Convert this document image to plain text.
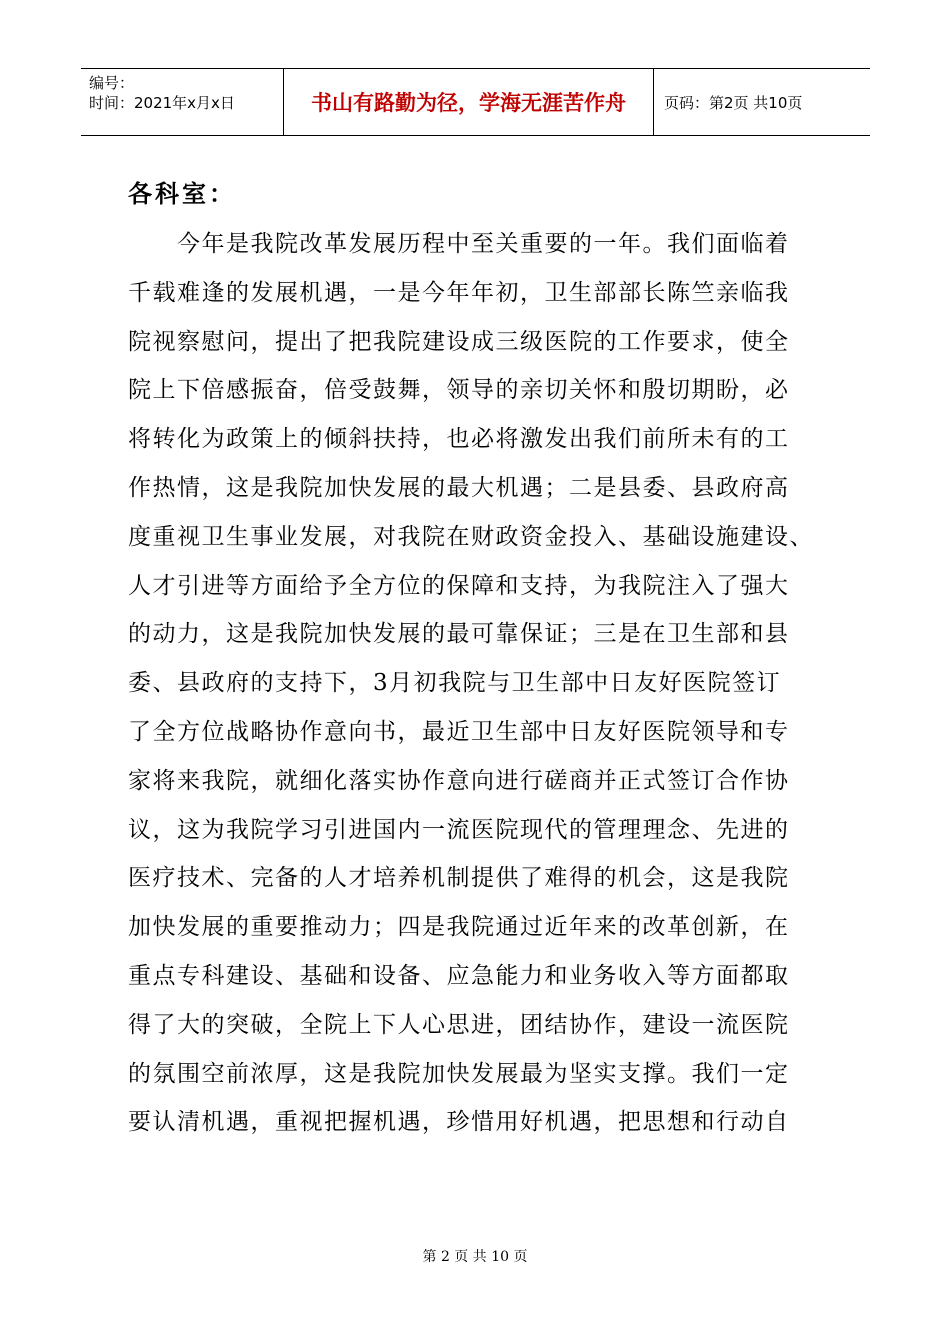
编号：
时间：2021年x月x日	书山有路勤为径，学海无涯苦作舟	页码：第2页 共10页
各科室：
　　今年是我院改革发展历程中至关重要的一年。我们面临着
千载难逢的发展机遇，一是今年年初，卫生部部长陈竺亲临我
院视察慰问，提出了把我院建设成三级医院的工作要求，使全
院上下倍感振奋，倍受鼓舞，领导的亲切关怀和殷切期盼，必
将转化为政策上的倾斜扶持，也必将激发出我们前所未有的工
作热情，这是我院加快发展的最大机遇；二是县委、县政府高
度重视卫生事业发展，对我院在财政资金投入、基础设施建设、
人才引进等方面给予全方位的保障和支持，为我院注入了强大
的动力，这是我院加快发展的最可靠保证；三是在卫生部和县
委、县政府的支持下，3月初我院与卫生部中日友好医院签订
了全方位战略协作意向书，最近卫生部中日友好医院领导和专
家将来我院，就细化落实协作意向进行磋商并正式签订合作协
议，这为我院学习引进国内一流医院现代的管理理念、先进的
医疗技术、完备的人才培养机制提供了难得的机会，这是我院
加快发展的重要推动力；四是我院通过近年来的改革创新，在
重点专科建设、基础和设备、应急能力和业务收入等方面都取
得了大的突破，全院上下人心思进，团结协作，建设一流医院
的氛围空前浓厚，这是我院加快发展最为坚实支撑。我们一定
要认清机遇，重视把握机遇，珍惜用好机遇，把思想和行动自
第 2 页 共 10 页
